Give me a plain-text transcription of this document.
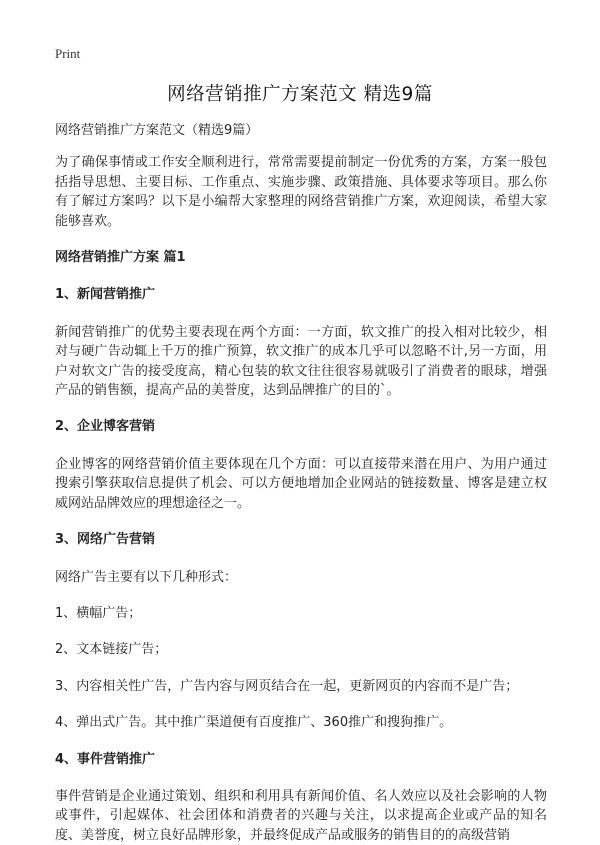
Print
网络营销推广方案范文 精选9篇

网络营销推广方案范文（精选9篇）

为了确保事情或工作安全顺利进行，常常需要提前制定一份优秀的方案，方案一般包括指导思想、主要目标、工作重点、实施步骤、政策措施、具体要求等项目。那么你有了解过方案吗？以下是小编帮大家整理的网络营销推广方案，欢迎阅读，希望大家能够喜欢。

网络营销推广方案 篇1

1、新闻营销推广

新闻营销推广的优势主要表现在两个方面：一方面，软文推广的投入相对比较少，相对与硬广告动辄上千万的推广预算，软文推广的成本几乎可以忽略不计,另一方面，用户对软文广告的接受度高，精心包装的软文往往很容易就吸引了消费者的眼球，增强产品的销售额，提高产品的美誉度，达到品牌推广的目的`。

2、企业博客营销

企业博客的网络营销价值主要体现在几个方面：可以直接带来潜在用户、为用户通过搜索引擎获取信息提供了机会、可以方便地增加企业网站的链接数量、博客是建立权威网站品牌效应的理想途径之一。

3、网络广告营销

网络广告主要有以下几种形式：

1、横幅广告；

2、文本链接广告；

3、内容相关性广告，广告内容与网页结合在一起，更新网页的内容而不是广告；

4、弹出式广告。其中推广渠道便有百度推广、360推广和搜狗推广。

4、事件营销推广

事件营销是企业通过策划、组织和利用具有新闻价值、名人效应以及社会影响的人物或事件，引起媒体、社会团体和消费者的兴趣与关注，以求提高企业或产品的知名度、美誉度，树立良好品牌形象，并最终促成产品或服务的销售目的的高级营销
